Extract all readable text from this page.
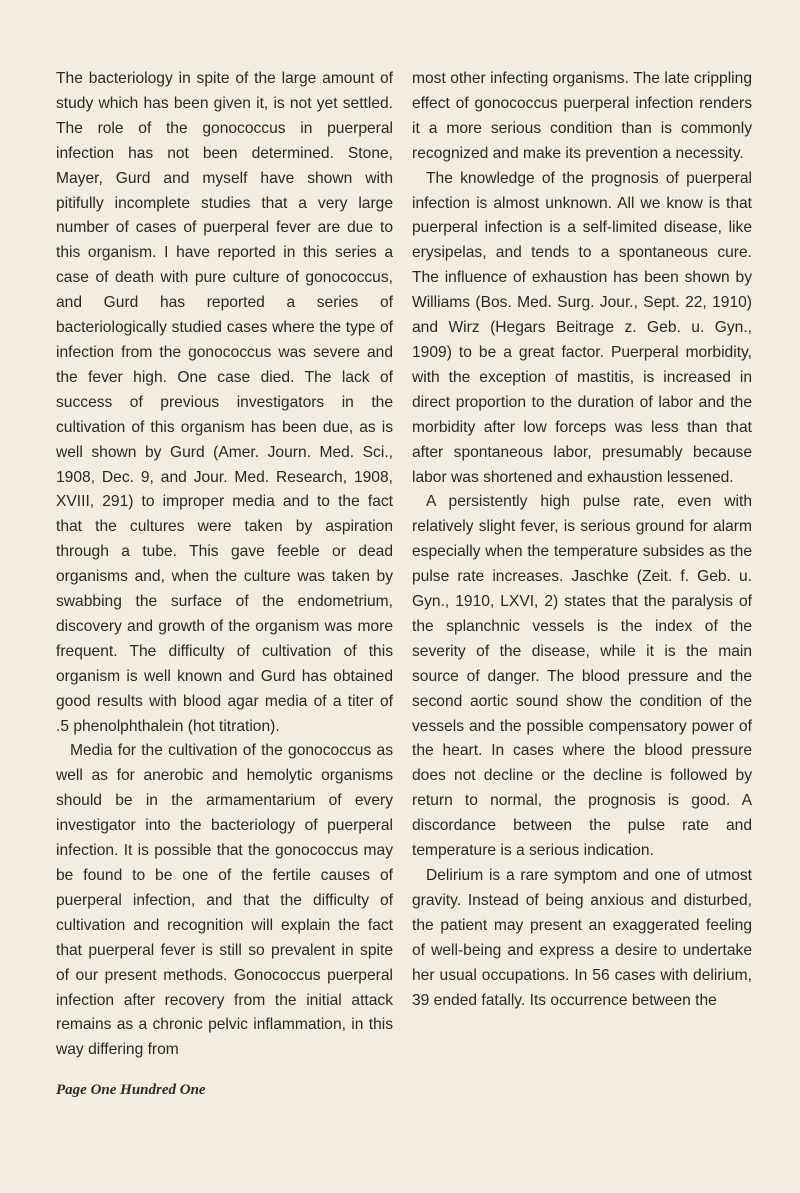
The bacteriology in spite of the large amount of study which has been given it, is not yet settled. The role of the gonococcus in puerperal infection has not been determined. Stone, Mayer, Gurd and myself have shown with pitifully incomplete studies that a very large number of cases of puerperal fever are due to this organism. I have reported in this series a case of death with pure culture of gonococcus, and Gurd has reported a series of bacteriologically studied cases where the type of infection from the gonococcus was severe and the fever high. One case died. The lack of success of previous investigators in the cultivation of this organism has been due, as is well shown by Gurd (Amer. Journ. Med. Sci., 1908, Dec. 9, and Jour. Med. Research, 1908, XVIII, 291) to improper media and to the fact that the cultures were taken by aspiration through a tube. This gave feeble or dead organisms and, when the culture was taken by swabbing the surface of the endometrium, discovery and growth of the organism was more frequent. The difficulty of cultivation of this organism is well known and Gurd has obtained good results with blood agar media of a titer of .5 phenolphthalein (hot titration).

Media for the cultivation of the gonococcus as well as for anerobic and hemolytic organisms should be in the armamentarium of every investigator into the bacteriology of puerperal infection. It is possible that the gonococcus may be found to be one of the fertile causes of puerperal infection, and that the difficulty of cultivation and recognition will explain the fact that puerperal fever is still so prevalent in spite of our present methods. Gonococcus puerperal infection after recovery from the initial attack remains as a chronic pelvic inflammation, in this way differing from

most other infecting organisms. The late crippling effect of gonococcus puerperal infection renders it a more serious condition than is commonly recognized and make its prevention a necessity.

The knowledge of the prognosis of puerperal infection is almost unknown. All we know is that puerperal infection is a self-limited disease, like erysipelas, and tends to a spontaneous cure. The influence of exhaustion has been shown by Williams (Bos. Med. Surg. Jour., Sept. 22, 1910) and Wirz (Hegars Beitrage z. Geb. u. Gyn., 1909) to be a great factor. Puerperal morbidity, with the exception of mastitis, is increased in direct proportion to the duration of labor and the morbidity after low forceps was less than that after spontaneous labor, presumably because labor was shortened and exhaustion lessened.

A persistently high pulse rate, even with relatively slight fever, is serious ground for alarm especially when the temperature subsides as the pulse rate increases. Jaschke (Zeit. f. Geb. u. Gyn., 1910, LXVI, 2) states that the paralysis of the splanchnic vessels is the index of the severity of the disease, while it is the main source of danger. The blood pressure and the second aortic sound show the condition of the vessels and the possible compensatory power of the heart. In cases where the blood pressure does not decline or the decline is followed by return to normal, the prognosis is good. A discordance between the pulse rate and temperature is a serious indication.

Delirium is a rare symptom and one of utmost gravity. Instead of being anxious and disturbed, the patient may present an exaggerated feeling of well-being and express a desire to undertake her usual occupations. In 56 cases with delirium, 39 ended fatally. Its occurrence between the

Page One Hundred One
